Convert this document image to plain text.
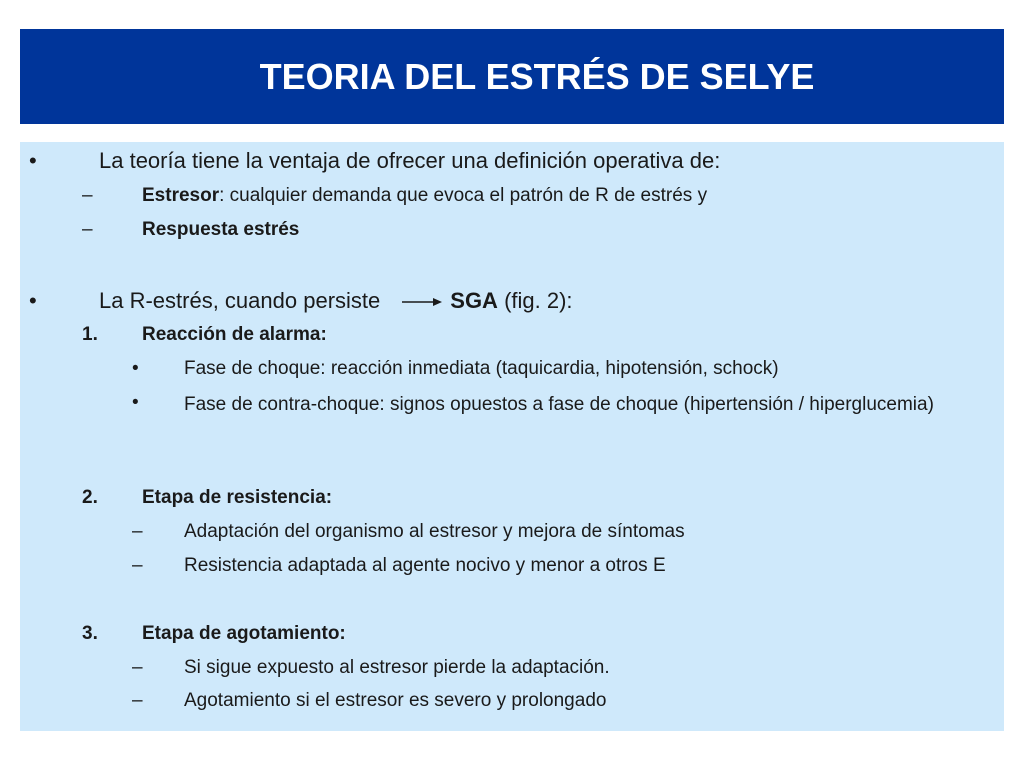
TEORIA DEL ESTRÉS DE SELYE
•	La teoría tiene la ventaja de ofrecer una definición operativa de:
–	Estresor: cualquier demanda que evoca el patrón de R de estrés y
–	Respuesta estrés
•	La R-estrés, cuando persiste	SGA (fig. 2):
1. Reacción de alarma:
• Fase de choque: reacción inmediata (taquicardia, hipotensión, schock)
• Fase de contra-choque: signos opuestos a fase de choque (hipertensión / hiperglucemia)
2. Etapa de resistencia:
– Adaptación del organismo al estresor y mejora de síntomas
– Resistencia adaptada al agente nocivo y menor a otros E
3. Etapa de agotamiento:
– Si sigue expuesto al estresor pierde la adaptación.
– Agotamiento si el estresor es severo y prolongado
